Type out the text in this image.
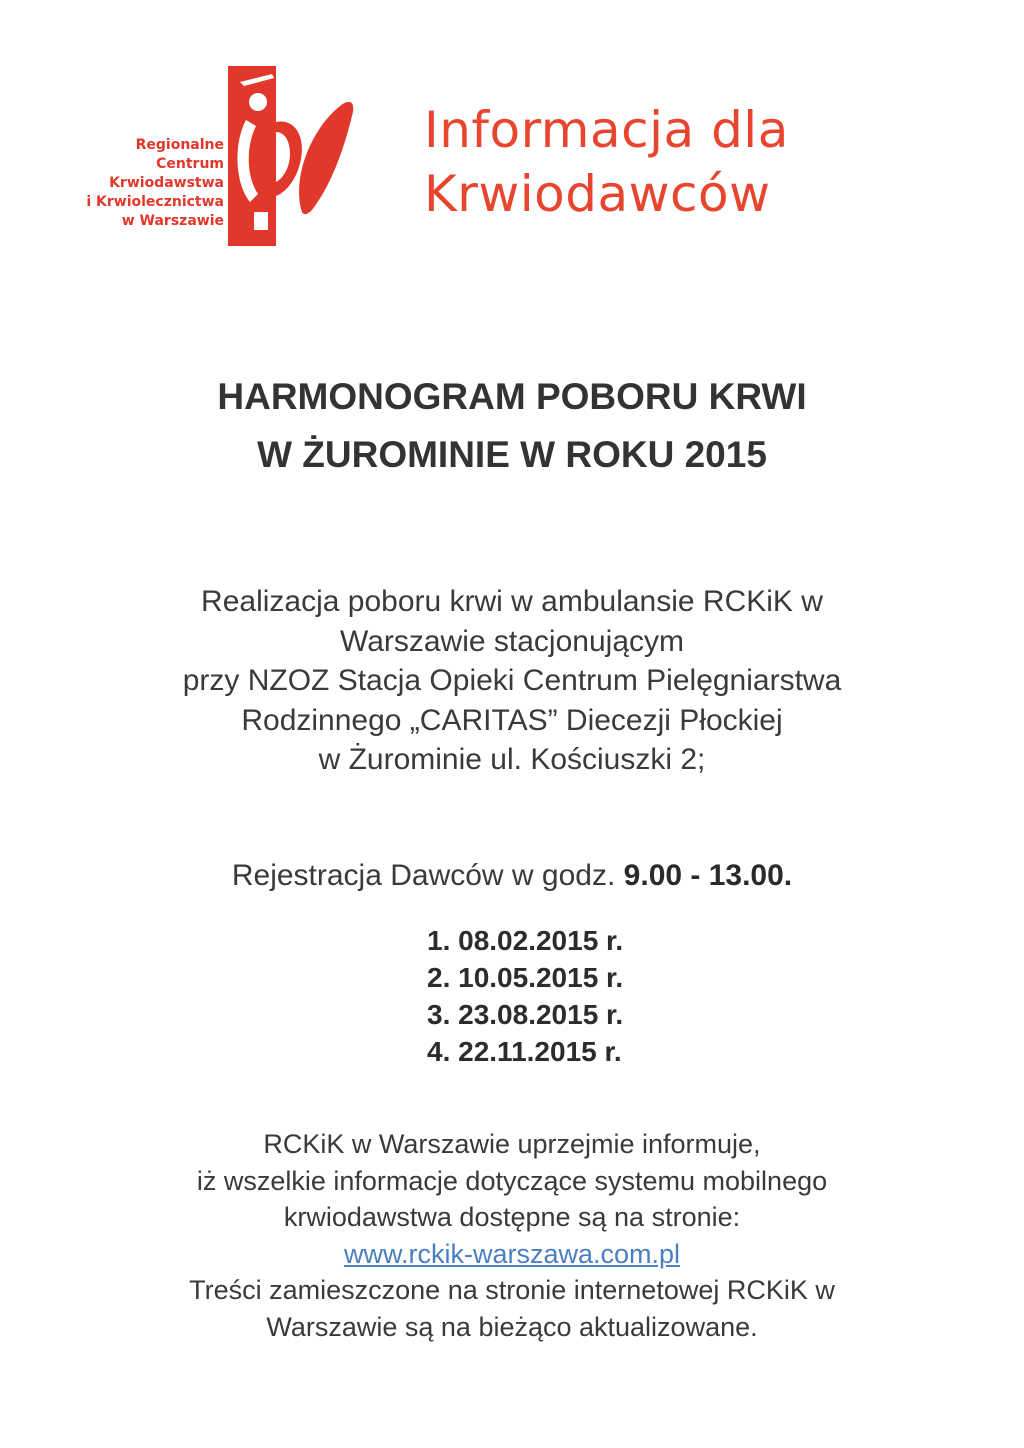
Regionalne
Centrum
Krwiodawstwa
i Krwiolecznictwa
w Warszawie
Informacja dla
Krwiodawców
HARMONOGRAM POBORU KRWI
W ŻUROMINIE W ROKU 2015
Realizacja poboru krwi w ambulansie RCKiK w
Warszawie stacjonującym
przy NZOZ Stacja Opieki Centrum Pielęgniarstwa
Rodzinnego „CARITAS” Diecezji Płockiej
w Żurominie ul. Kościuszki 2;
Rejestracja Dawców w godz. 9.00 - 13.00.
1. 08.02.2015 r.
2. 10.05.2015 r.
3. 23.08.2015 r.
4. 22.11.2015 r.
RCKiK w Warszawie uprzejmie informuje,
iż wszelkie informacje dotyczące systemu mobilnego
krwiodawstwa dostępne są na stronie:
www.rckik-warszawa.com.pl
Treści zamieszczone na stronie internetowej RCKiK w
Warszawie są na bieżąco aktualizowane.
